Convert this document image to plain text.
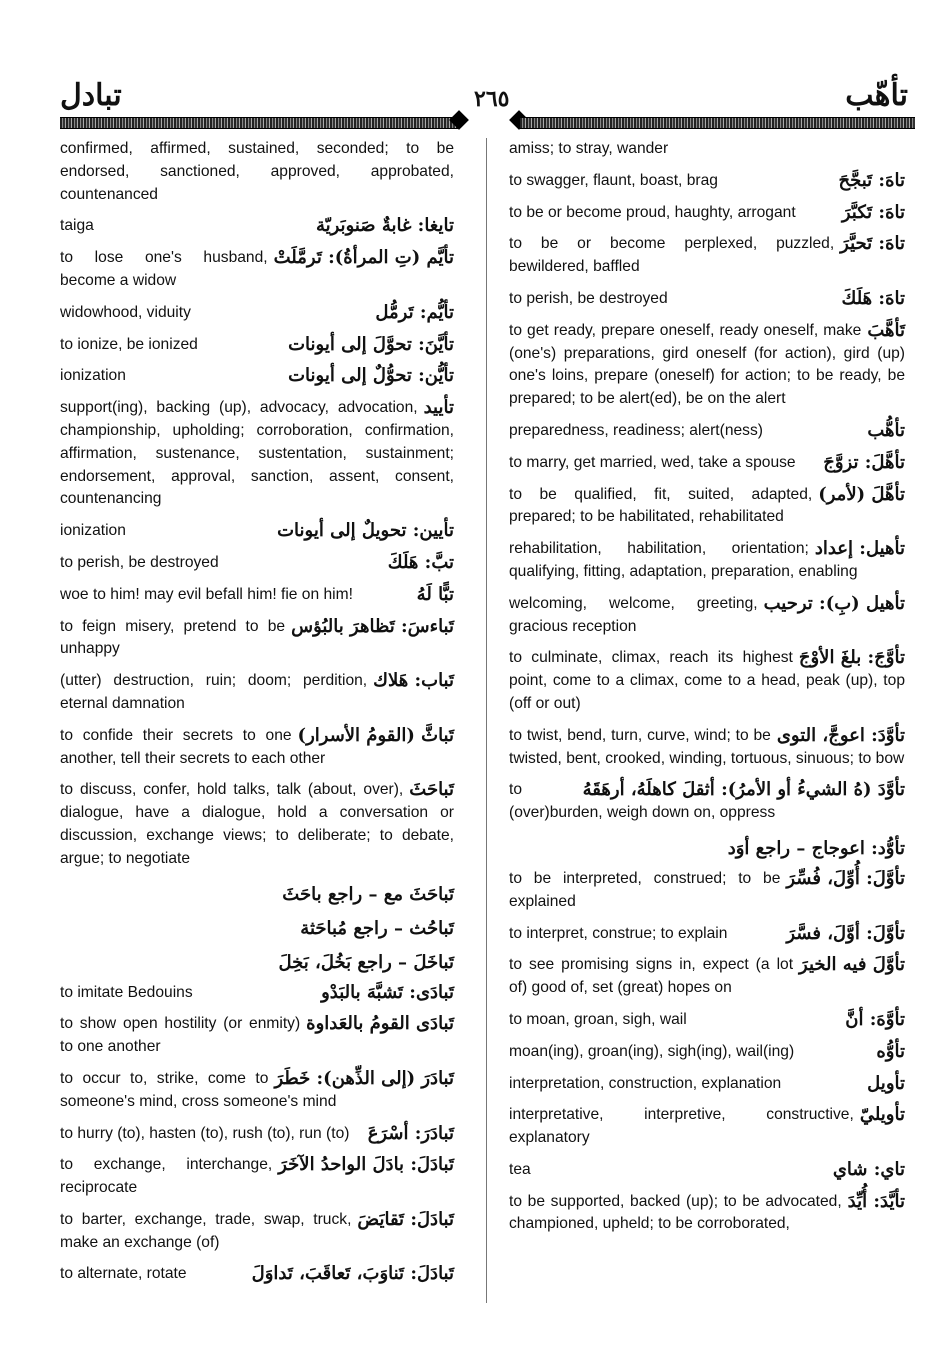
تبادل	٢٦٥	تأهّب
confirmed, affirmed, sustained, seconded; to be endorsed, sanctioned, approved, approbated, countenanced
تايغا: غابةٌ صَنوبَريّة
taiga
تأيَّم (تِ المرأةُ): تَرمَّلَتْ
to lose one's husband, become a widow
تأيُّم: تَرمُّل
widowhood, viduity
تأيَّنَ: تحوَّلَ إلى أيونات
to ionize, be ionized
تأيُّن: تحوُّلٌ إلى أيونات
ionization
تأييد
support(ing), backing (up), advocacy, advocation, championship, upholding; corroboration, confirmation, affirmation, sustenance, sustentation, sustainment; endorsement, approval, sanction, assent, consent, countenancing
تأيين: تحويلٌ إلى أيونات
ionization
تبَّ: هَلَكَ
to perish, be destroyed
تبًّا لَهُ
woe to him! may evil befall him! fie on him!
تَباءسَ: تَظاهرَ بالبُؤس
to feign misery, pretend to be unhappy
تَباب: هَلاك
(utter) destruction, ruin; doom; perdition, eternal damnation
تَباثَّ (القومُ الأسرار)
to confide their secrets to one another, tell their secrets to each other
تَباحَثَ
to discuss, confer, hold talks, talk (about, over), dialogue, have a dialogue, hold a conversation or discussion, exchange views; to deliberate; to debate, argue; to negotiate
تَباحَثَ مع – راجع باحَثَ
تَباحُث – راجع مُباحَثة
تَباخَلَ – راجع بَخُلَ، بَخِلَ
تَبادَى: تَشبَّهَ بالبَدْو
to imitate Bedouins
تَبادَى القومُ بالعَداوة
to show open hostility (or enmity) to one another
تَبادَرَ (إلى الذِّهن): خَطَرَ
to occur to, strike, come to someone's mind, cross someone's mind
تَبادَرَ: أسْرَعَ
to hurry (to), hasten (to), rush (to), run (to)
تَبادَلَ: بادَلَ الواحدُ الآخَرَ
to exchange, interchange, reciprocate
تَبادَلَ: تَقايَضَ
to barter, exchange, trade, swap, truck, make an exchange (of)
تَبادَلَ: تَناوَبَ، تَعاقَبَ، تَداوَلَ
to alternate, rotate
amiss; to stray, wander
تاهَ: تَبجَّحَ
to swagger, flaunt, boast, brag
تاهَ: تَكبَّرَ
to be or become proud, haughty, arrogant
تاهَ: تَحيَّرَ
to be or become perplexed, puzzled, bewildered, baffled
تاهَ: هَلَكَ
to perish, be destroyed
تَأهَّبَ
to get ready, prepare oneself, ready oneself, make (one's) preparations, gird oneself (for action), gird (up) one's loins, prepare (oneself) for action; to be ready, be prepared; to be alert(ed), be on the alert
تأهُّب
preparedness, readiness; alert(ness)
تأهَّلَ: تزوَّجَ
to marry, get married, wed, take a spouse
تأهَّلَ (لأمر)
to be qualified, fit, suited, adapted, prepared; to be habilitated, rehabilitated
تأهيل: إعداد
rehabilitation, habilitation, orientation; qualifying, fitting, adaptation, preparation, enabling
تأهيل (بِ): ترحيب
welcoming, welcome, greeting, gracious reception
تأوَّجَ: بلغَ الأوْجَ
to culminate, climax, reach its highest point, come to a climax, come to a head, peak (up), top (off or out)
تأوَّدَ: اعوجَّ، التوى
to twist, bend, turn, curve, wind; to be twisted, bent, crooked, winding, tortuous, sinuous; to bow
تأوَّدَ (هُ الشيءُ أو الأمرُ): أثقلَ كاهلَهُ، أرهَقَهُ
to (over)burden, weigh down on, oppress
تأوُّد: اعوجاج – راجع أوَد
تأوَّلَ: أُوِّلَ، فُسِّرَ
to be interpreted, construed; to be explained
تأوَّلَ: أوَّلَ، فسَّرَ
to interpret, construe; to explain
تأوَّلَ فيه الخيرَ
to see promising signs in, expect (a lot of) good of, set (great) hopes on
تأوَّهَ: أنَّ
to moan, groan, sigh, wail
تأوُّه
moan(ing), groan(ing), sigh(ing), wail(ing)
تأويل
interpretation, construction, explanation
تأويليّ
interpretative, interpretive, constructive, explanatory
تاي: شاي
tea
تأيَّدَ: أُيِّدَ
to be supported, backed (up); to be advocated, championed, upheld; to be corroborated,
